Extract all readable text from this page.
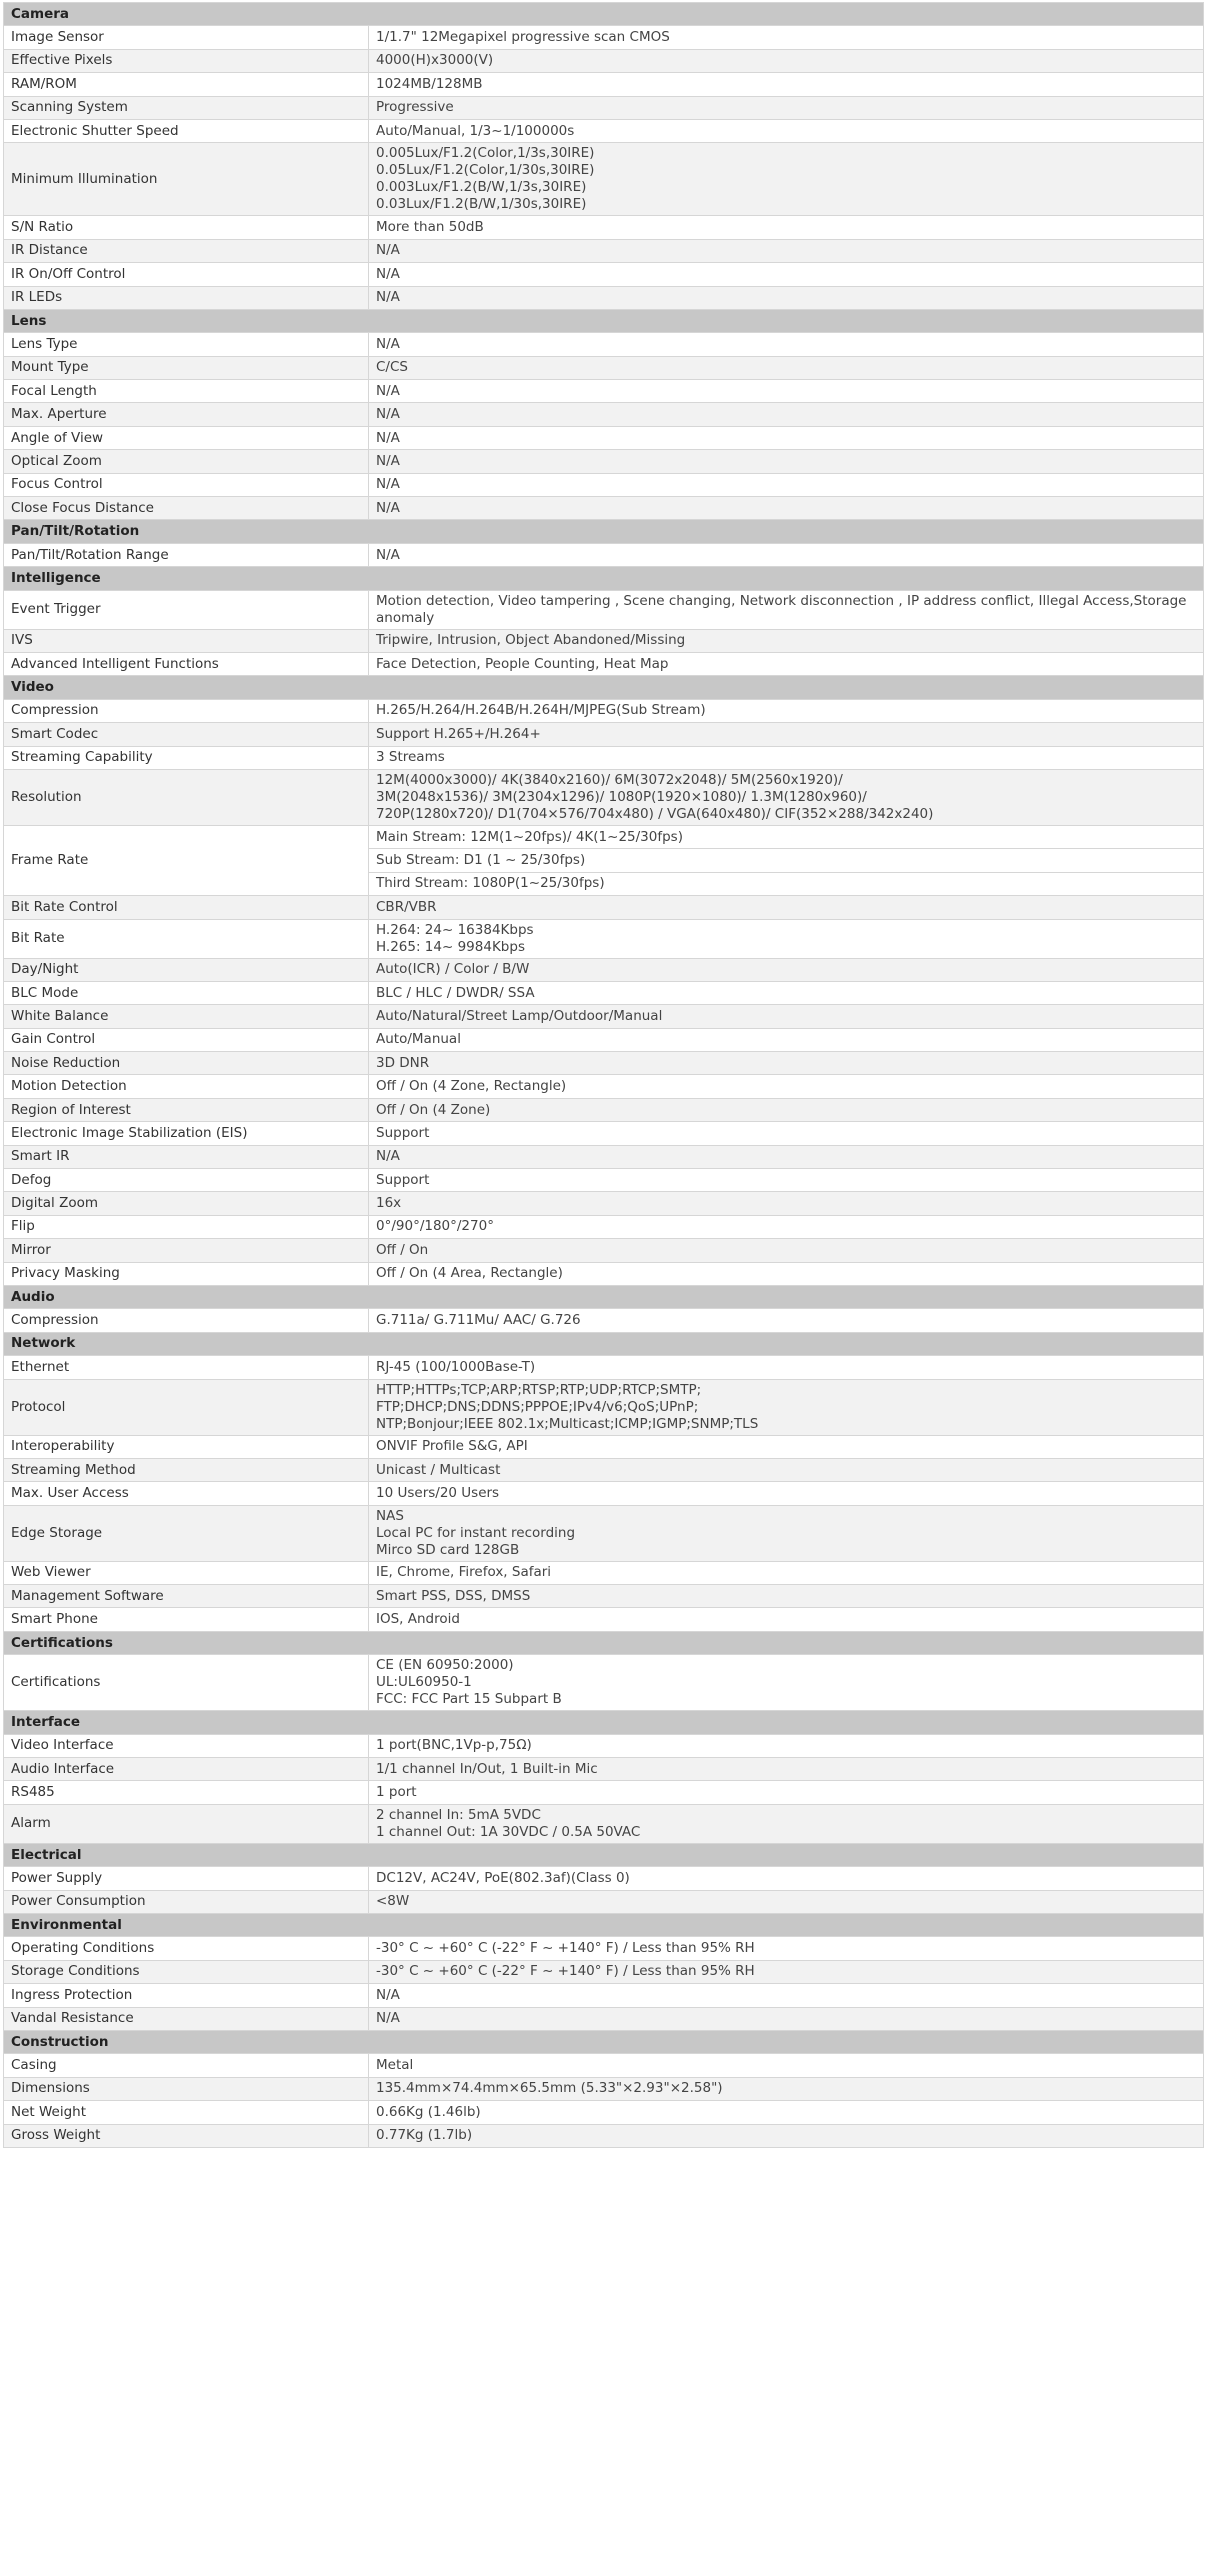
Camera	
Image Sensor	1/1.7" 12Megapixel progressive scan CMOS
Effective Pixels	4000(H)x3000(V)
RAM/ROM	1024MB/128MB
Scanning System	Progressive
Electronic Shutter Speed	Auto/Manual, 1/3~1/100000s
Minimum Illumination	0.005Lux/F1.2(Color,1/3s,30IRE)
0.05Lux/F1.2(Color,1/30s,30IRE)
0.003Lux/F1.2(B/W,1/3s,30IRE)
0.03Lux/F1.2(B/W,1/30s,30IRE)
S/N Ratio	More than 50dB
IR Distance	N/A
IR On/Off Control	N/A
IR LEDs	N/A
Lens	
Lens Type	N/A
Mount Type	C/CS
Focal Length	N/A
Max. Aperture	N/A
Angle of View	N/A
Optical Zoom	N/A
Focus Control	N/A
Close Focus Distance	N/A
Pan/Tilt/Rotation	
Pan/Tilt/Rotation Range	N/A
Intelligence	
Event Trigger	Motion detection, Video tampering , Scene changing, Network disconnection , IP address conflict, Illegal Access,Storage anomaly
IVS	Tripwire, Intrusion, Object Abandoned/Missing
Advanced Intelligent Functions	Face Detection, People Counting, Heat Map
Video	
Compression	H.265/H.264/H.264B/H.264H/MJPEG(Sub Stream)
Smart Codec	Support H.265+/H.264+
Streaming Capability	3 Streams
Resolution	12M(4000x3000)/ 4K(3840x2160)/ 6M(3072x2048)/ 5M(2560x1920)/
3M(2048x1536)/ 3M(2304x1296)/ 1080P(1920×1080)/ 1.3M(1280x960)/
720P(1280x720)/ D1(704×576/704x480) / VGA(640x480)/ CIF(352×288/342x240)
Frame Rate	Main Stream: 12M(1~20fps)/ 4K(1~25/30fps)
	Sub Stream: D1 (1 ~ 25/30fps)
	Third Stream: 1080P(1~25/30fps)
Bit Rate Control	CBR/VBR
Bit Rate	H.264: 24~ 16384Kbps
H.265: 14~ 9984Kbps
Day/Night	Auto(ICR) / Color / B/W
BLC Mode	BLC / HLC / DWDR/ SSA
White Balance	Auto/Natural/Street Lamp/Outdoor/Manual
Gain Control	Auto/Manual
Noise Reduction	3D DNR
Motion Detection	Off / On (4 Zone, Rectangle)
Region of Interest	Off / On (4 Zone)
Electronic Image Stabilization (EIS)	Support
Smart IR	N/A
Defog	Support
Digital Zoom	16x
Flip	0°/90°/180°/270°
Mirror	Off / On
Privacy Masking	Off / On (4 Area, Rectangle)
Audio	
Compression	G.711a/ G.711Mu/ AAC/ G.726
Network	
Ethernet	RJ-45 (100/1000Base-T)
Protocol	HTTP;HTTPs;TCP;ARP;RTSP;RTP;UDP;RTCP;SMTP;
FTP;DHCP;DNS;DDNS;PPPOE;IPv4/v6;QoS;UPnP;
NTP;Bonjour;IEEE 802.1x;Multicast;ICMP;IGMP;SNMP;TLS
Interoperability	ONVIF Profile S&G, API
Streaming Method	Unicast / Multicast
Max. User Access	10 Users/20 Users
Edge Storage	NAS
Local PC for instant recording
Mirco SD card 128GB
Web Viewer	IE, Chrome, Firefox, Safari
Management Software	Smart PSS, DSS, DMSS
Smart Phone	IOS, Android
Certifications	
Certifications	CE (EN 60950:2000)
UL:UL60950-1
FCC: FCC Part 15 Subpart B
Interface	
Video Interface	1 port(BNC,1Vp-p,75Ω)
Audio Interface	1/1 channel In/Out, 1 Built-in Mic
RS485	1 port
Alarm	2 channel In: 5mA 5VDC
1 channel Out: 1A 30VDC / 0.5A 50VAC
Electrical	
Power Supply	DC12V, AC24V, PoE(802.3af)(Class 0)
Power Consumption	<8W
Environmental	
Operating Conditions	-30° C ~ +60° C (-22° F ~ +140° F) / Less than 95% RH
Storage Conditions	-30° C ~ +60° C (-22° F ~ +140° F) / Less than 95% RH
Ingress Protection	N/A
Vandal Resistance	N/A
Construction	
Casing	Metal
Dimensions	135.4mm×74.4mm×65.5mm (5.33"×2.93"×2.58")
Net Weight	0.66Kg (1.46lb)
Gross Weight	0.77Kg (1.7lb)
